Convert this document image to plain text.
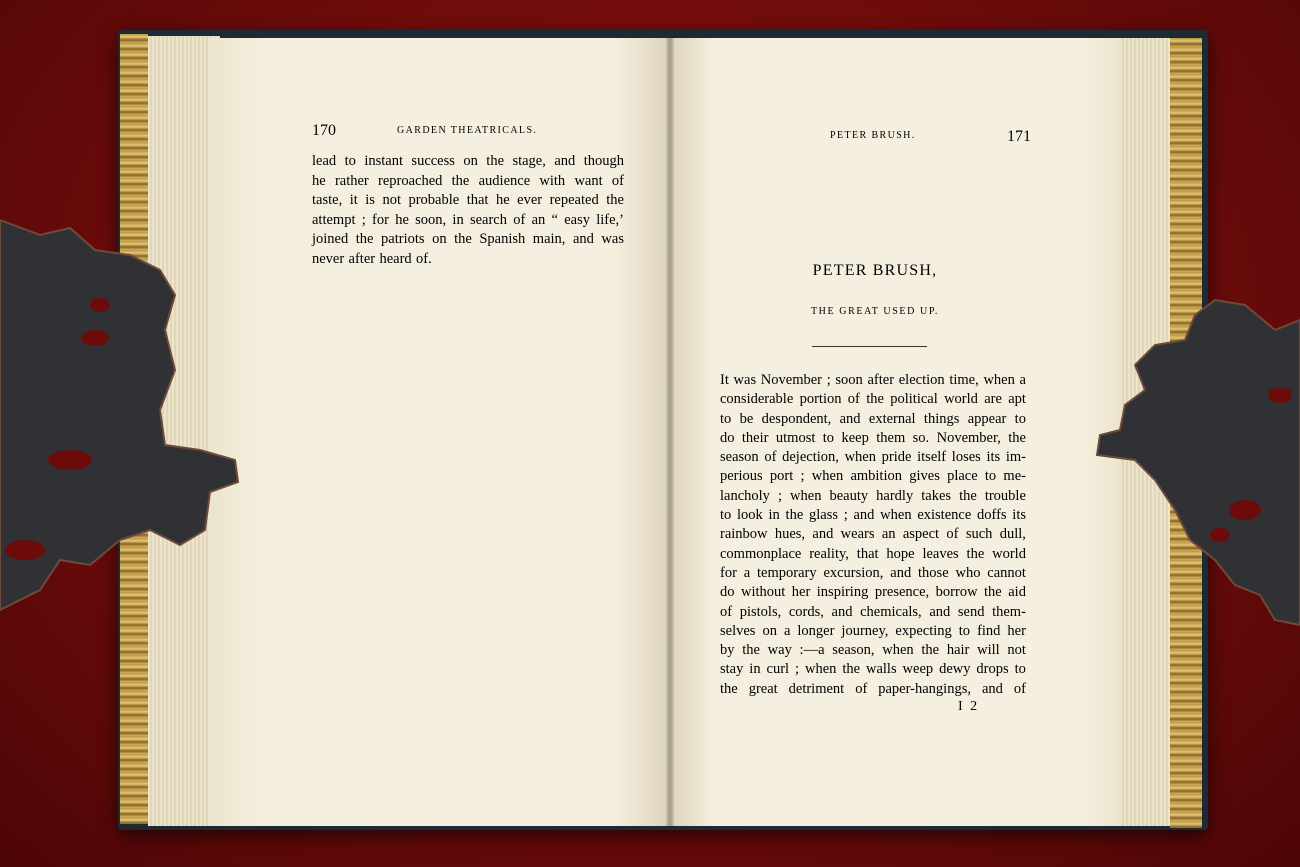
170	GARDEN THEATRICALS.
lead to instant success on the stage, and though
he rather reproached the audience with want of
taste, it is not probable that he ever repeated the
attempt ; for he soon, in search of an “ easy life,’
joined the patriots on the Spanish main, and was
never after heard of.
PETER BRUSH.	171
PETER BRUSH,
THE GREAT USED UP.
It was November ; soon after election time, when a
considerable portion of the political world are apt
to be despondent, and external things appear to
do their utmost to keep them so. November, the
season of dejection, when pride itself loses its im-
perious port ; when ambition gives place to me-
lancholy ; when beauty hardly takes the trouble
to look in the glass ; and when existence doffs its
rainbow hues, and wears an aspect of such dull,
commonplace reality, that hope leaves the world
for a temporary excursion, and those who cannot
do without her inspiring presence, borrow the aid
of pistols, cords, and chemicals, and send them-
selves on a longer journey, expecting to find her
by the way :—a season, when the hair will not
stay in curl ; when the walls weep dewy drops to
the great detriment of paper-hangings, and of
I 2
